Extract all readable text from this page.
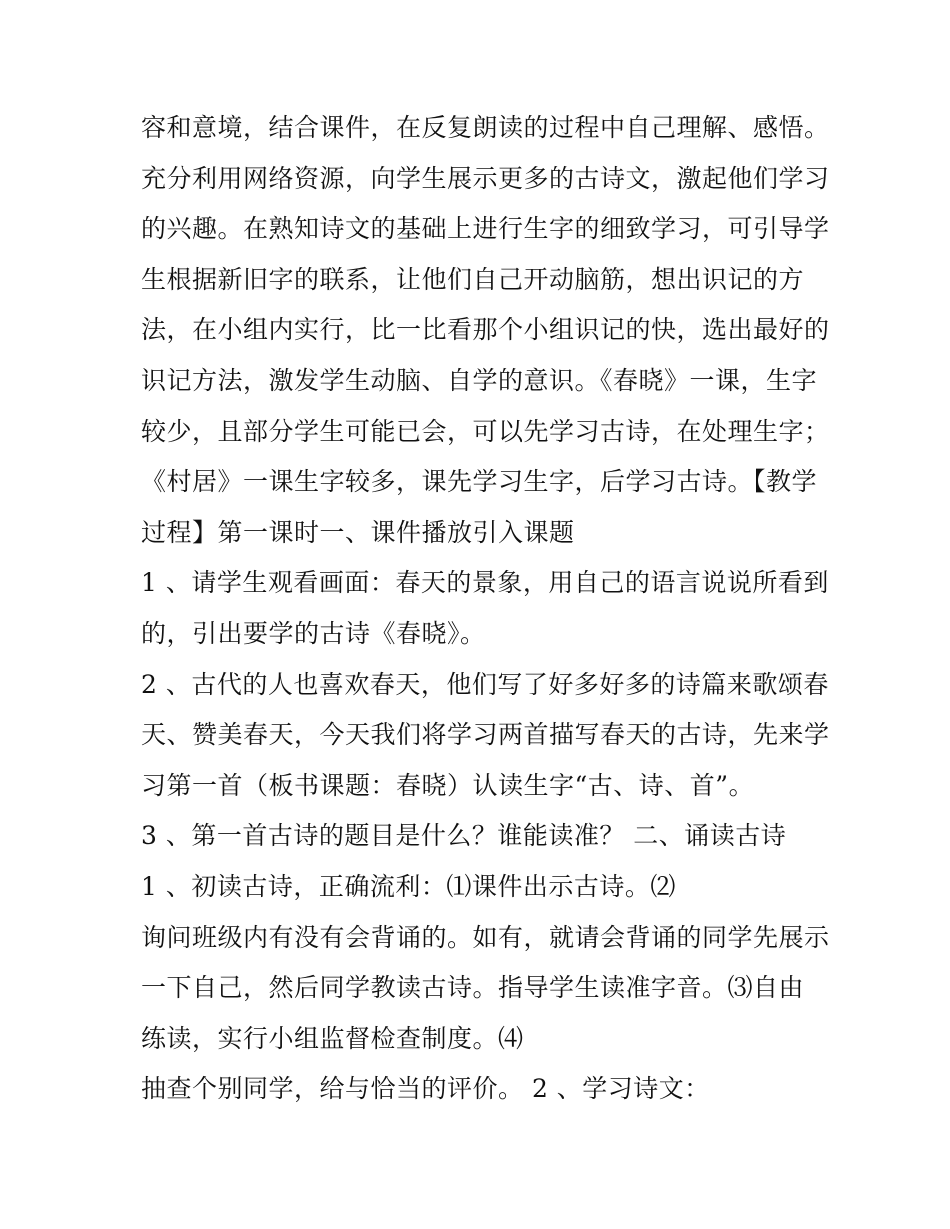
容和意境，结合课件，在反复朗读的过程中自己理解、感悟。
充分利用网络资源，向学生展示更多的古诗文，激起他们学习
的兴趣。在熟知诗文的基础上进行生字的细致学习，可引导学
生根据新旧字的联系，让他们自己开动脑筋，想出识记的方
法，在小组内实行，比一比看那个小组识记的快，选出最好的
识记方法，激发学生动脑、自学的意识。《春晓》一课，生字
较少，且部分学生可能已会，可以先学习古诗，在处理生字；
《村居》一课生字较多，课先学习生字，后学习古诗。【教学
过程】第一课时一、课件播放引入课题
1 、请学生观看画面：春天的景象，用自己的语言说说所看到
的，引出要学的古诗《春晓》。
2 、古代的人也喜欢春天，他们写了好多好多的诗篇来歌颂春
天、赞美春天，今天我们将学习两首描写春天的古诗，先来学
习第一首（板书课题：春晓）认读生字“古、诗、首”。
3 、第一首古诗的题目是什么？谁能读准？ 二、诵读古诗
1 、初读古诗，正确流利：⑴课件出示古诗。⑵
询问班级内有没有会背诵的。如有，就请会背诵的同学先展示
一下自己，然后同学教读古诗。指导学生读准字音。⑶自由
练读，实行小组监督检查制度。⑷
抽查个别同学，给与恰当的评价。 2 、学习诗文：
